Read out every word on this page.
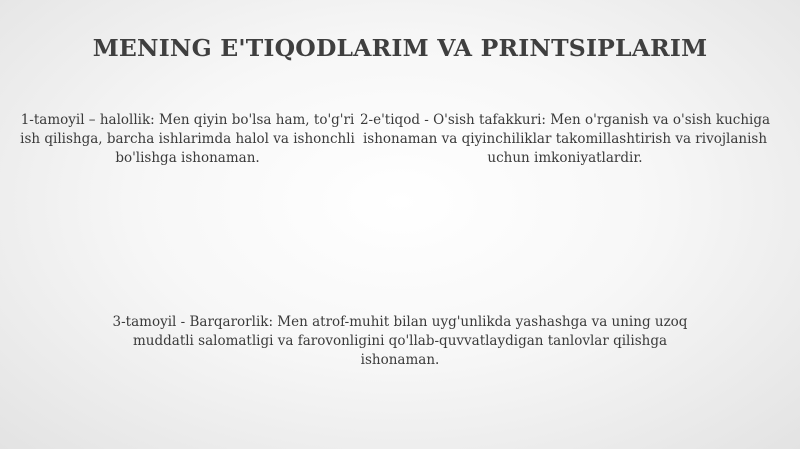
MENING E'TIQODLARIM VA PRINTSIPLARIM
1-tamoyil – halollik: Men qiyin bo'lsa ham, to'g'ri ish qilishga, barcha ishlarimda halol va ishonchli bo'lishga ishonaman.
2-e'tiqod - O'sish tafakkuri: Men o'rganish va o'sish kuchiga ishonaman va qiyinchiliklar takomillashtirish va rivojlanish uchun imkoniyatlardir.
3-tamoyil - Barqarorlik: Men atrof-muhit bilan uyg'unlikda yashashga va uning uzoq muddatli salomatligi va farovonligini qo'llab-quvvatlaydigan tanlovlar qilishga ishonaman.
